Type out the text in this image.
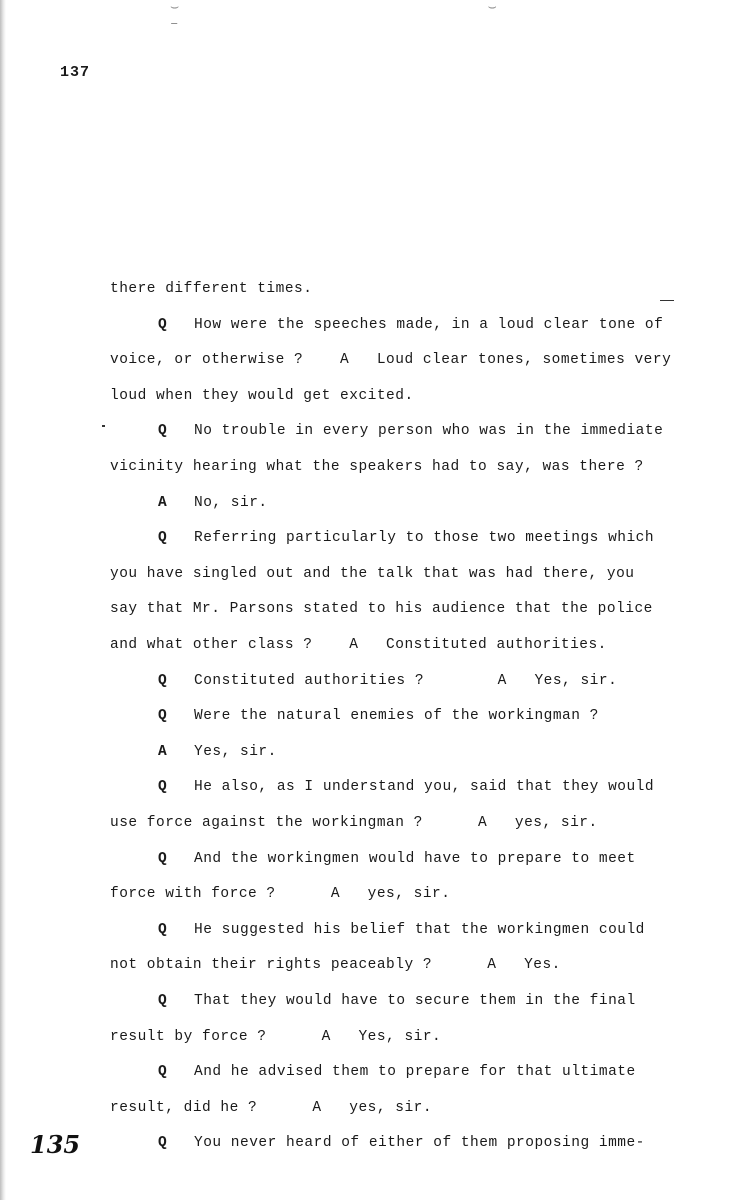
⌣ ⌣ ‒
137
there different times.
Q How were the speeches made, in a loud clear tone of
voice, or otherwise ?    A   Loud clear tones, sometimes very
loud when they would get excited.
Q No trouble in every person who was in the immediate
vicinity hearing what the speakers had to say, was there ?
A No, sir.
Q Referring particularly to those two meetings which
you have singled out and the talk that was had there, you
say that Mr. Parsons stated to his audience that the police
and what other class ?    A   Constituted authorities.
Q Constituted authorities ?        A   Yes, sir.
Q Were the natural enemies of the workingman ?
A Yes, sir.
Q He also, as I understand you, said that they would
use force against the workingman ?      A   yes, sir.
Q And the workingmen would have to prepare to meet
force with force ?      A   yes, sir.
Q He suggested his belief that the workingmen could
not obtain their rights peaceably ?      A   Yes.
Q That they would have to secure them in the final
result by force ?      A   Yes, sir.
Q And he advised them to prepare for that ultimate
result, did he ?      A   yes, sir.
Q You never heard of either of them proposing imme-
135
